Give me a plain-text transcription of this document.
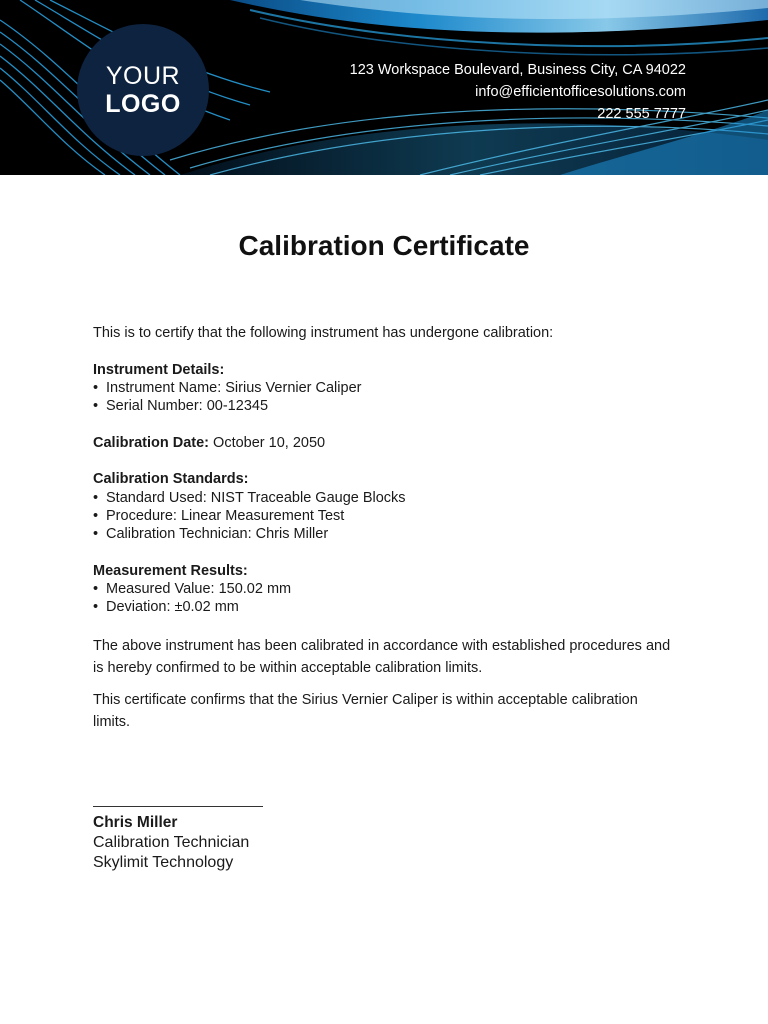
YOUR
LOGO
123 Workspace Boulevard, Business City, CA 94022
info@efficientofficesolutions.com
222 555 7777
Calibration Certificate

This is to certify that the following instrument has undergone calibration:

Instrument Details:

• Instrument Name: Sirius Vernier Caliper
• Serial Number: 00-12345

Calibration Date: October 10, 2050

Calibration Standards:

• Standard Used: NIST Traceable Gauge Blocks
• Procedure: Linear Measurement Test
• Calibration Technician: Chris Miller

Measurement Results:

• Measured Value: 150.02 mm
• Deviation: ±0.02 mm

The above instrument has been calibrated in accordance with established procedures and is hereby confirmed to be within acceptable calibration limits.

This certificate confirms that the Sirius Vernier Caliper is within acceptable calibration limits.

Chris Miller
Calibration Technician
Skylimit Technology
